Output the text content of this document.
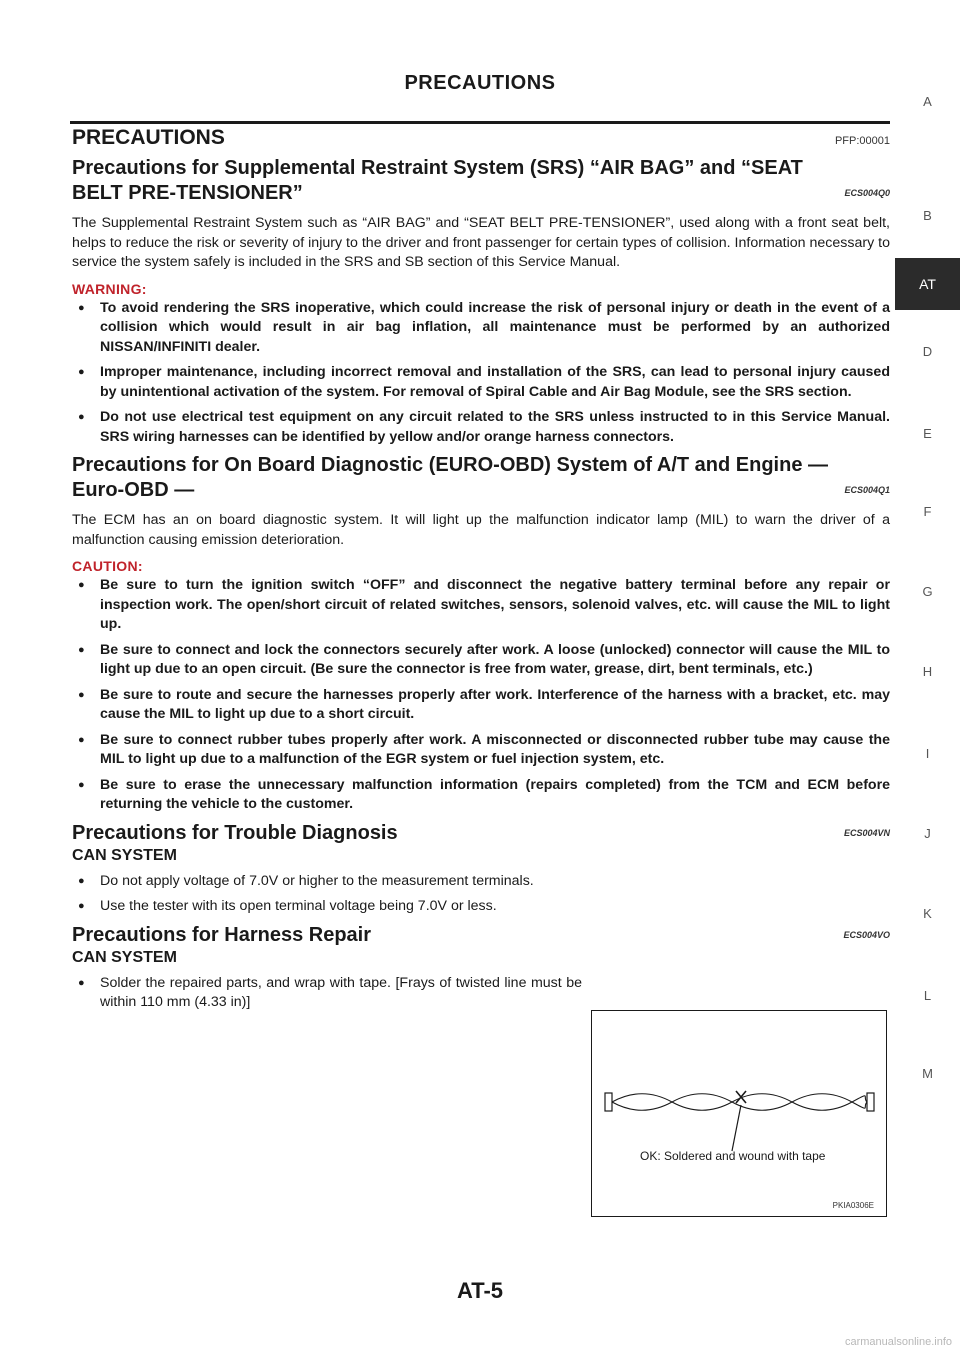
PRECAUTIONS
PRECAUTIONS	PFP:00001
Precautions for Supplemental Restraint System (SRS) “AIR BAG” and “SEAT
BELT PRE-TENSIONER”	ECS004Q0

The Supplemental Restraint System such as “AIR BAG” and “SEAT BELT PRE-TENSIONER”, used along with a front seat belt, helps to reduce the risk or severity of injury to the driver and front passenger for certain types of collision. Information necessary to service the system safely is included in the SRS and SB section of this Service Manual.

WARNING:
● To avoid rendering the SRS inoperative, which could increase the risk of personal injury or death in the event of a collision which would result in air bag inflation, all maintenance must be performed by an authorized NISSAN/INFINITI dealer.
● Improper maintenance, including incorrect removal and installation of the SRS, can lead to personal injury caused by unintentional activation of the system. For removal of Spiral Cable and Air Bag Module, see the SRS section.
● Do not use electrical test equipment on any circuit related to the SRS unless instructed to in this Service Manual. SRS wiring harnesses can be identified by yellow and/or orange harness connectors.
Precautions for On Board Diagnostic (EURO-OBD) System of A/T and Engine —
Euro-OBD —	ECS004Q1

The ECM has an on board diagnostic system. It will light up the malfunction indicator lamp (MIL) to warn the driver of a malfunction causing emission deterioration.

CAUTION:
● Be sure to turn the ignition switch “OFF” and disconnect the negative battery terminal before any repair or inspection work. The open/short circuit of related switches, sensors, solenoid valves, etc. will cause the MIL to light up.
● Be sure to connect and lock the connectors securely after work. A loose (unlocked) connector will cause the MIL to light up due to an open circuit. (Be sure the connector is free from water, grease, dirt, bent terminals, etc.)
● Be sure to route and secure the harnesses properly after work. Interference of the harness with a bracket, etc. may cause the MIL to light up due to a short circuit.
● Be sure to connect rubber tubes properly after work. A misconnected or disconnected rubber tube may cause the MIL to light up due to a malfunction of the EGR system or fuel injection system, etc.
● Be sure to erase the unnecessary malfunction information (repairs completed) from the TCM and ECM before returning the vehicle to the customer.
Precautions for Trouble Diagnosis	ECS004VN
CAN SYSTEM
● Do not apply voltage of 7.0V or higher to the measurement terminals.
● Use the tester with its open terminal voltage being 7.0V or less.
Precautions for Harness Repair	ECS004VO
CAN SYSTEM
● Solder the repaired parts, and wrap with tape. [Frays of twisted line must be within 110 mm (4.33 in)]
OK: Soldered and wound with tape
PKIA0306E
A
B
AT
D
E
F
G
H
I
J
K
L
M
AT-5
carmanualsonline.info
